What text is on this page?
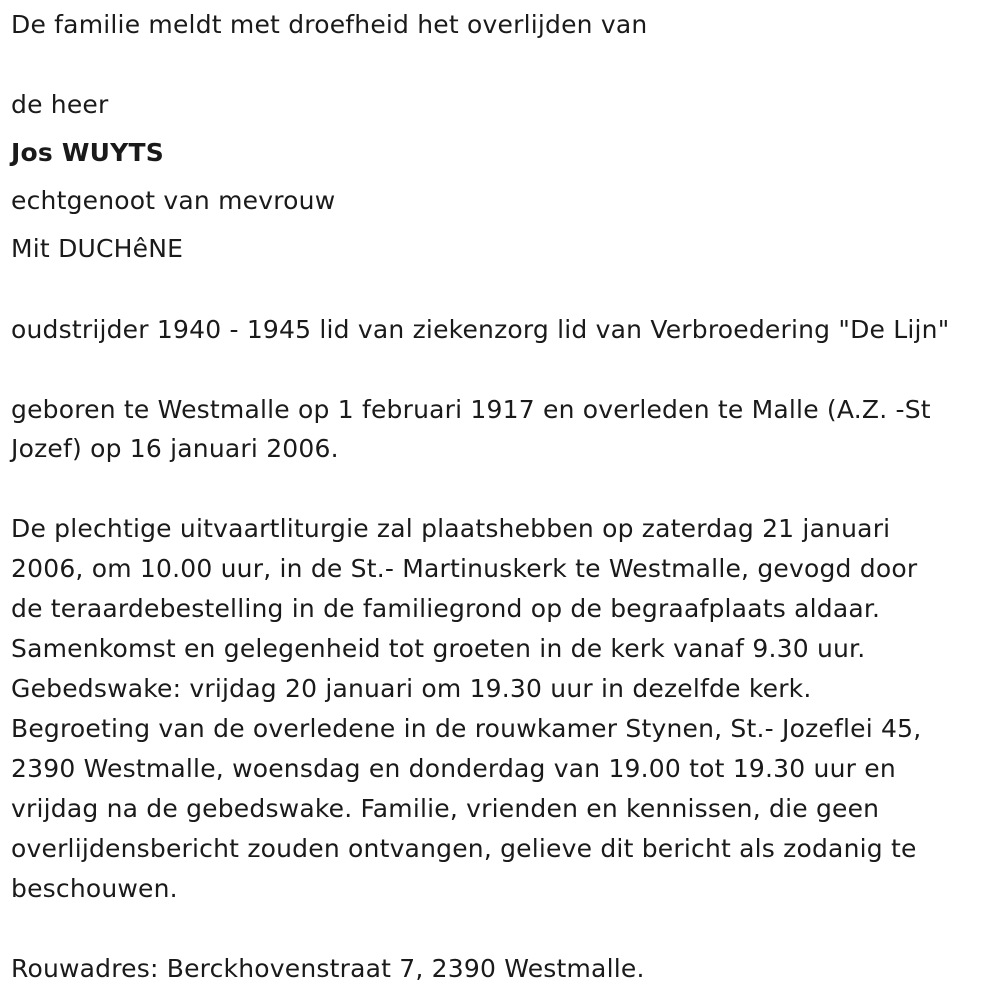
De familie meldt met droefheid het overlijden van
de heer
Jos WUYTS
echtgenoot van mevrouw
Mit DUCHêNE
oudstrijder 1940 - 1945 lid van ziekenzorg lid van Verbroedering "De Lijn"
geboren te Westmalle op 1 februari 1917 en overleden te Malle (A.Z. -St
Jozef) op 16 januari 2006.
De plechtige uitvaartliturgie zal plaatshebben op zaterdag 21 januari
2006, om 10.00 uur, in de St.- Martinuskerk te Westmalle, gevogd door
de teraardebestelling in de familiegrond op de begraafplaats aldaar.
Samenkomst en gelegenheid tot groeten in de kerk vanaf 9.30 uur.
Gebedswake: vrijdag 20 januari om 19.30 uur in dezelfde kerk.
Begroeting van de overledene in de rouwkamer Stynen, St.- Jozeflei 45,
2390 Westmalle, woensdag en donderdag van 19.00 tot 19.30 uur en
vrijdag na de gebedswake. Familie, vrienden en kennissen, die geen
overlijdensbericht zouden ontvangen, gelieve dit bericht als zodanig te
beschouwen.
Rouwadres: Berckhovenstraat 7, 2390 Westmalle.
